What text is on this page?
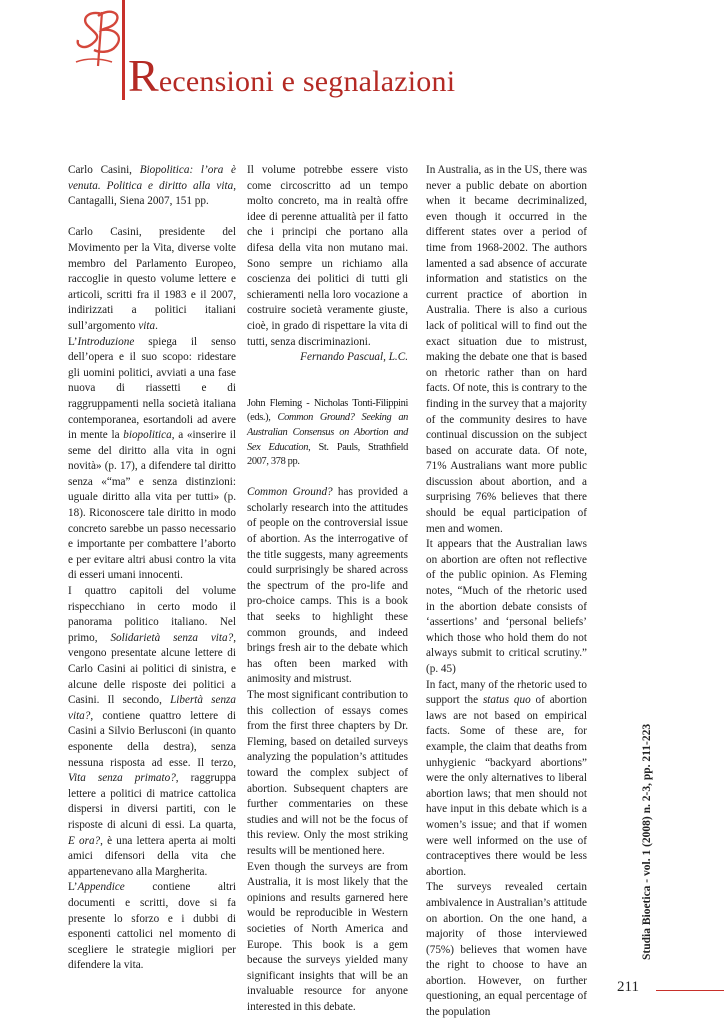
Recensioni e segnalazioni

Carlo Casini, Biopolitica: l’ora è venuta. Politica e diritto alla vita, Cantagalli, Siena 2007, 151 pp.

Carlo Casini, presidente del Movimento per la Vita, diverse volte membro del Parlamento Europeo, raccoglie in questo volume lettere e articoli, scritti fra il 1983 e il 2007, indirizzati a politici italiani sull’argomento vita.

L’Introduzione spiega il senso dell’opera e il suo scopo: ridestare gli uomini politici, avviati a una fase nuova di riassetti e di raggruppamenti nella società italiana contemporanea, esortandoli ad avere in mente la biopolitica, a «inserire il seme del diritto alla vita in ogni novità» (p. 17), a difendere tal diritto senza «“ma” e senza distinzioni: uguale diritto alla vita per tutti» (p. 18). Riconoscere tale diritto in modo concreto sarebbe un passo necessario e importante per combattere l’aborto e per evitare altri abusi contro la vita di esseri umani innocenti.

I quattro capitoli del volume rispecchiano in certo modo il panorama politico italiano. Nel primo, Solidarietà senza vita?, vengono presentate alcune lettere di Carlo Casini ai politici di sinistra, e alcune delle risposte dei politici a Casini. Il secondo, Libertà senza vita?, contiene quattro lettere di Casini a Silvio Berlusconi (in quanto esponente della destra), senza nessuna risposta ad esse. Il terzo, Vita senza primato?, raggruppa lettere a politici di matrice cattolica dispersi in diversi partiti, con le risposte di alcuni di essi. La quarta, E ora?, è una lettera aperta ai molti amici difensori della vita che appartenevano alla Margherita.

L’Appendice contiene altri documenti e scritti, dove si fa presente lo sforzo e i dubbi di esponenti cattolici nel momento di scegliere le strategie migliori per difendere la vita.

Il volume potrebbe essere visto come circoscritto ad un tempo molto concreto, ma in realtà offre idee di perenne attualità per il fatto che i principi che portano alla difesa della vita non mutano mai. Sono sempre un richiamo alla coscienza dei politici di tutti gli schieramenti nella loro vocazione a costruire società veramente giuste, cioè, in grado di rispettare la vita di tutti, senza discriminazioni.

Fernando Pascual, L.C.

John Fleming - Nicholas Tonti-Filippini (eds.), Common Ground? Seeking an Australian Consensus on Abortion and Sex Education, St. Pauls, Strathfield 2007, 378 pp.

Common Ground? has provided a scholarly research into the attitudes of people on the controversial issue of abortion. As the interrogative of the title suggests, many agreements could surprisingly be shared across the spectrum of the pro-life and pro-choice camps. This is a book that seeks to highlight these common grounds, and indeed brings fresh air to the debate which has often been marked with animosity and mistrust.

The most significant contribution to this collection of essays comes from the first three chapters by Dr. Fleming, based on detailed surveys analyzing the population’s attitudes toward the complex subject of abortion. Subsequent chapters are further commentaries on these studies and will not be the focus of this review. Only the most striking results will be mentioned here.

Even though the surveys are from Australia, it is most likely that the opinions and results garnered here would be reproducible in Western societies of North America and Europe. This book is a gem because the surveys yielded many significant insights that will be an invaluable resource for anyone interested in this debate.

In Australia, as in the US, there was never a public debate on abortion when it became decriminalized, even though it occurred in the different states over a period of time from 1968-2002. The authors lamented a sad absence of accurate information and statistics on the current practice of abortion in Australia. There is also a curious lack of political will to find out the exact situation due to mistrust, making the debate one that is based on rhetoric rather than on hard facts. Of note, this is contrary to the finding in the survey that a majority of the community desires to have continual discussion on the subject based on accurate data. Of note, 71% Australians want more public discussion about abortion, and a surprising 76% believes that there should be equal participation of men and women.

It appears that the Australian laws on abortion are often not reflective of the public opinion. As Fleming notes, “Much of the rhetoric used in the abortion debate consists of ‘assertions’ and ‘personal beliefs’ which those who hold them do not always submit to critical scrutiny.” (p. 45)

In fact, many of the rhetoric used to support the status quo of abortion laws are not based on empirical facts. Some of these are, for example, the claim that deaths from unhygienic “backyard abortions” were the only alternatives to liberal abortion laws; that men should not have input in this debate which is a women’s issue; and that if women were well informed on the use of contraceptives there would be less abortion.

The surveys revealed certain ambivalence in Australian’s attitude on abortion. On the one hand, a majority of those interviewed (75%) believes that women have the right to choose to have an abortion. However, on further questioning, an equal percentage of the population

Studia Bioetica - vol. 1 (2008) n. 2-3, pp. 211-223
211
